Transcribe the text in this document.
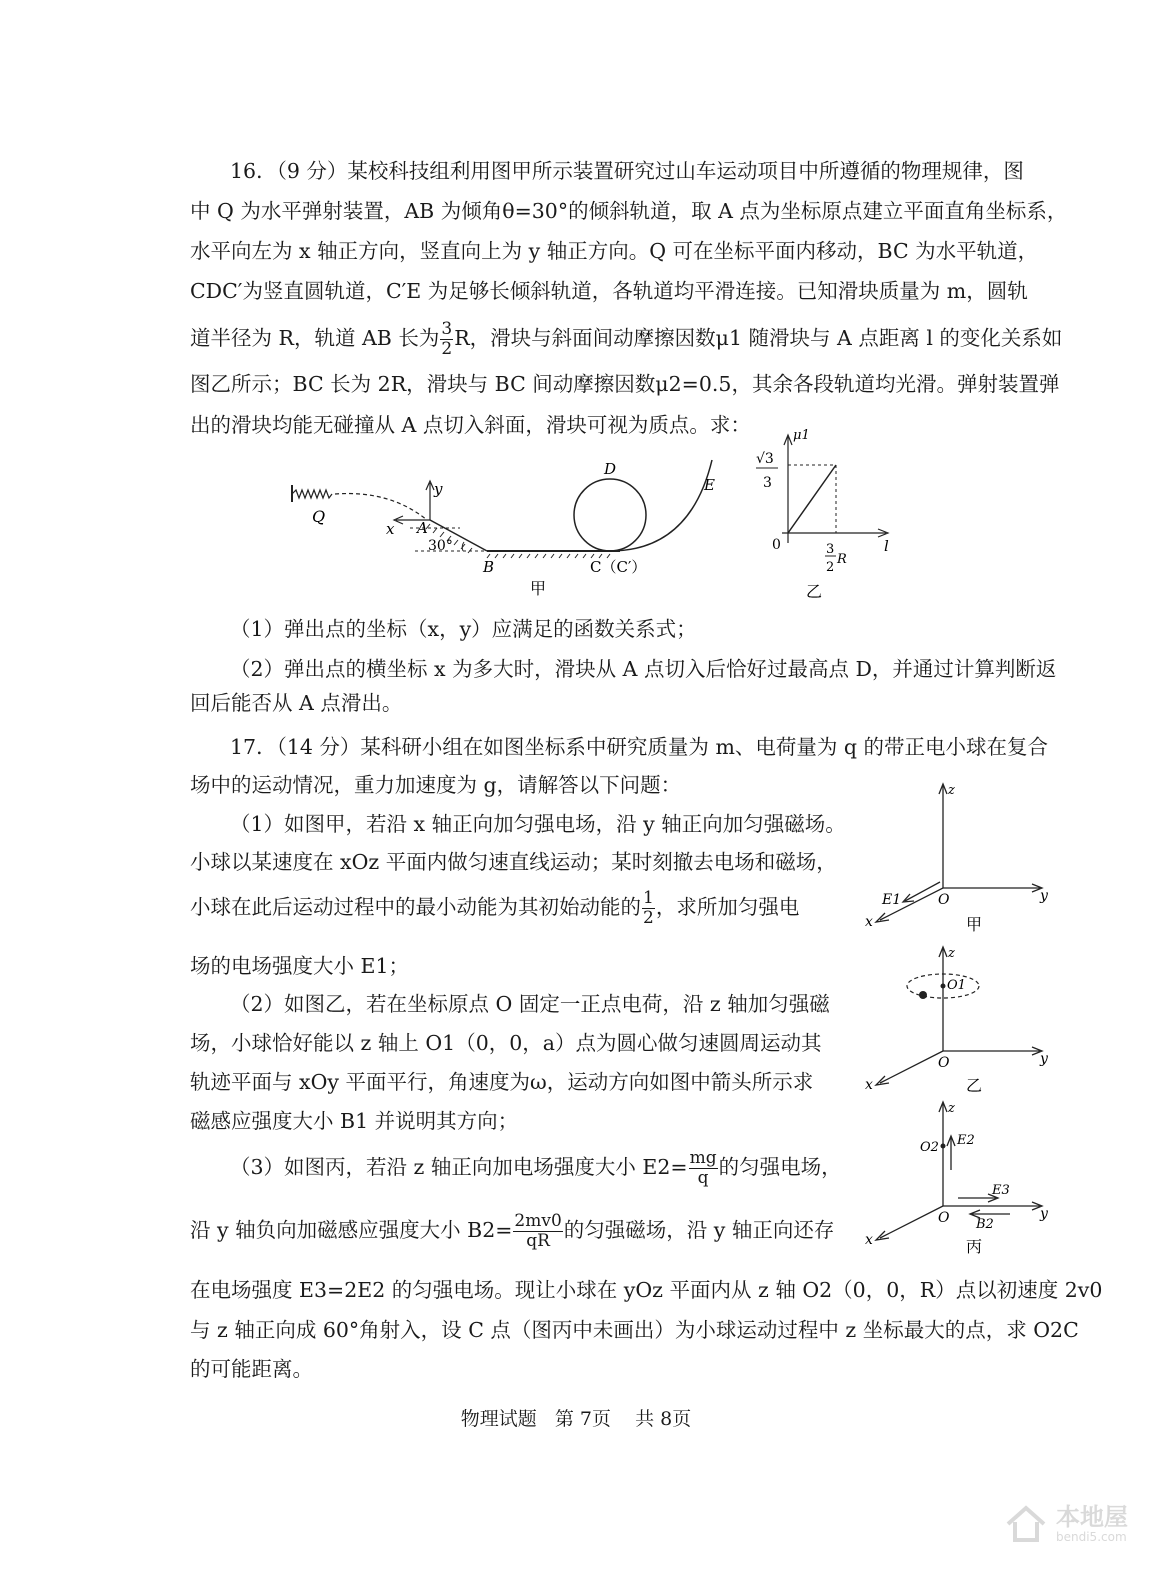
16．（9 分）某校科技组利用图甲所示装置研究过山车运动项目中所遵循的物理规律，图
中 Q 为水平弹射装置，AB 为倾角θ=30°的倾斜轨道，取 A 点为坐标原点建立平面直角坐标系，
水平向左为 x 轴正方向，竖直向上为 y 轴正方向。Q 可在坐标平面内移动，BC 为水平轨道，
CDC′为竖直圆轨道，C′E 为足够长倾斜轨道，各轨道均平滑连接。已知滑块质量为 m，圆轨
道半径为 R，轨道 AB 长为 $\frac{3}{2}$ R，滑块与斜面间动摩擦因数μ1 随滑块与 A 点距离 l 的变化关系如
图乙所示；BC 长为 2R，滑块与 BC 间动摩擦因数μ2=0.5，其余各段轨道均光滑。弹射装置弹
出的滑块均能无碰撞从 A 点切入斜面，滑块可视为质点。求：
Q
x
y
A
30°
B	C（C′）
D
E
甲
μ1
√3
3
0	3
2
R
l
乙
（1）弹出点的坐标（x，y）应满足的函数关系式；
（2）弹出点的横坐标 x 为多大时，滑块从 A 点切入后恰好过最高点 D，并通过计算判断返
回后能否从 A 点滑出。
17．（14 分）某科研小组在如图坐标系中研究质量为 m、电荷量为 q 的带正电小球在复合
场中的运动情况，重力加速度为 g，请解答以下问题：
（1）如图甲，若沿 x 轴正向加匀强电场，沿 y 轴正向加匀强磁场。
小球以某速度在 xOz 平面内做匀速直线运动；某时刻撤去电场和磁场，
小球在此后运动过程中的最小动能为其初始动能的 $\frac{1}{2}$ ，求所加匀强电
场的电场强度大小 E1；
（2）如图乙，若在坐标原点 O 固定一正点电荷，沿 z 轴加匀强磁
场，小球恰好能以 z 轴上 O1（0，0，a）点为圆心做匀速圆周运动其
轨迹平面与 xOy 平面平行，角速度为ω，运动方向如图中箭头所示求
磁感应强度大小 B1 并说明其方向；
（3）如图丙，若沿 z 轴正向加电场强度大小 $E2= \frac{mg}{q}$ 的匀强电场，
沿 y 轴负向加磁感应强度大小 $B2= \frac{2mv0}{qR}$ 的匀强磁场，沿 y 轴正向还存
在电场强度 E3=2E2 的匀强电场。现让小球在 yOz 平面内从 z 轴 O2（0，0，R）点以初速度 2v0
与 z 轴正向成 60°角射入，设 C 点（图丙中未画出）为小球运动过程中 z 坐标最大的点，求 O2C
的可能距离。
z
y
x
O
E1
甲
z
y
x
O
O1
乙
z
y
x
O
O2 E2
E3
B2
丙
物理试题   第 7页    共 8页
本地屋
bendi5.com
